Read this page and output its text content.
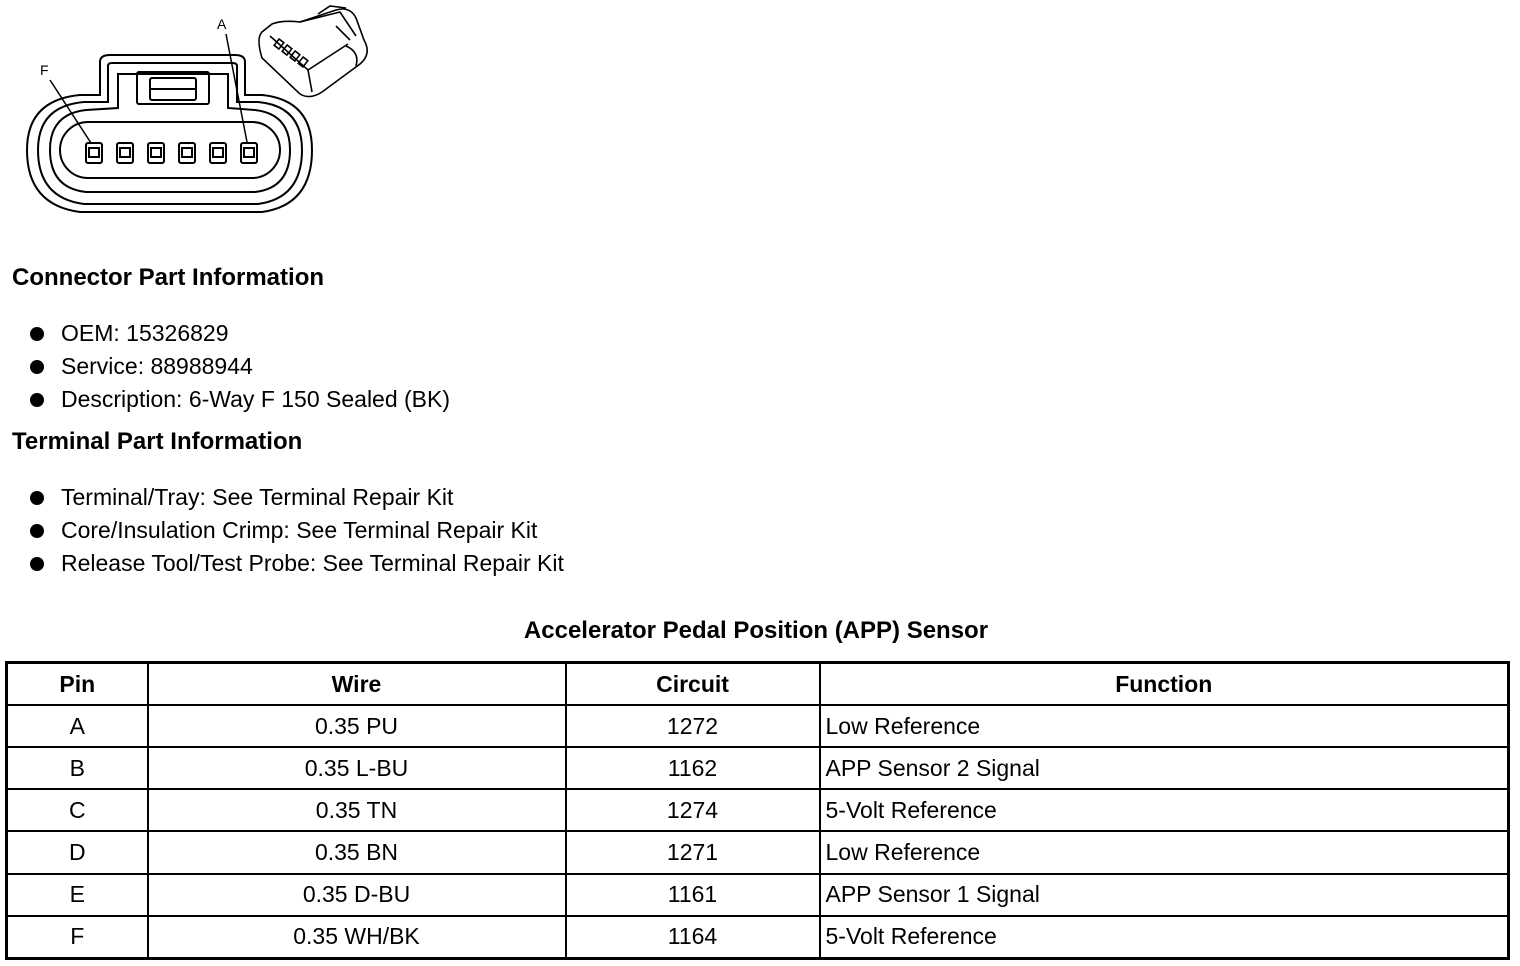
F
A
Connector Part Information
OEM: 15326829
Service: 88988944
Description: 6-Way F 150 Sealed (BK)
Terminal Part Information
Terminal/Tray: See Terminal Repair Kit
Core/Insulation Crimp: See Terminal Repair Kit
Release Tool/Test Probe: See Terminal Repair Kit
Accelerator Pedal Position (APP) Sensor
Pin	Wire	Circuit	Function
A	0.35 PU	1272	Low Reference
B	0.35 L-BU	1162	APP Sensor 2 Signal
C	0.35 TN	1274	5-Volt Reference
D	0.35 BN	1271	Low Reference
E	0.35 D-BU	1161	APP Sensor 1 Signal
F	0.35 WH/BK	1164	5-Volt Reference
